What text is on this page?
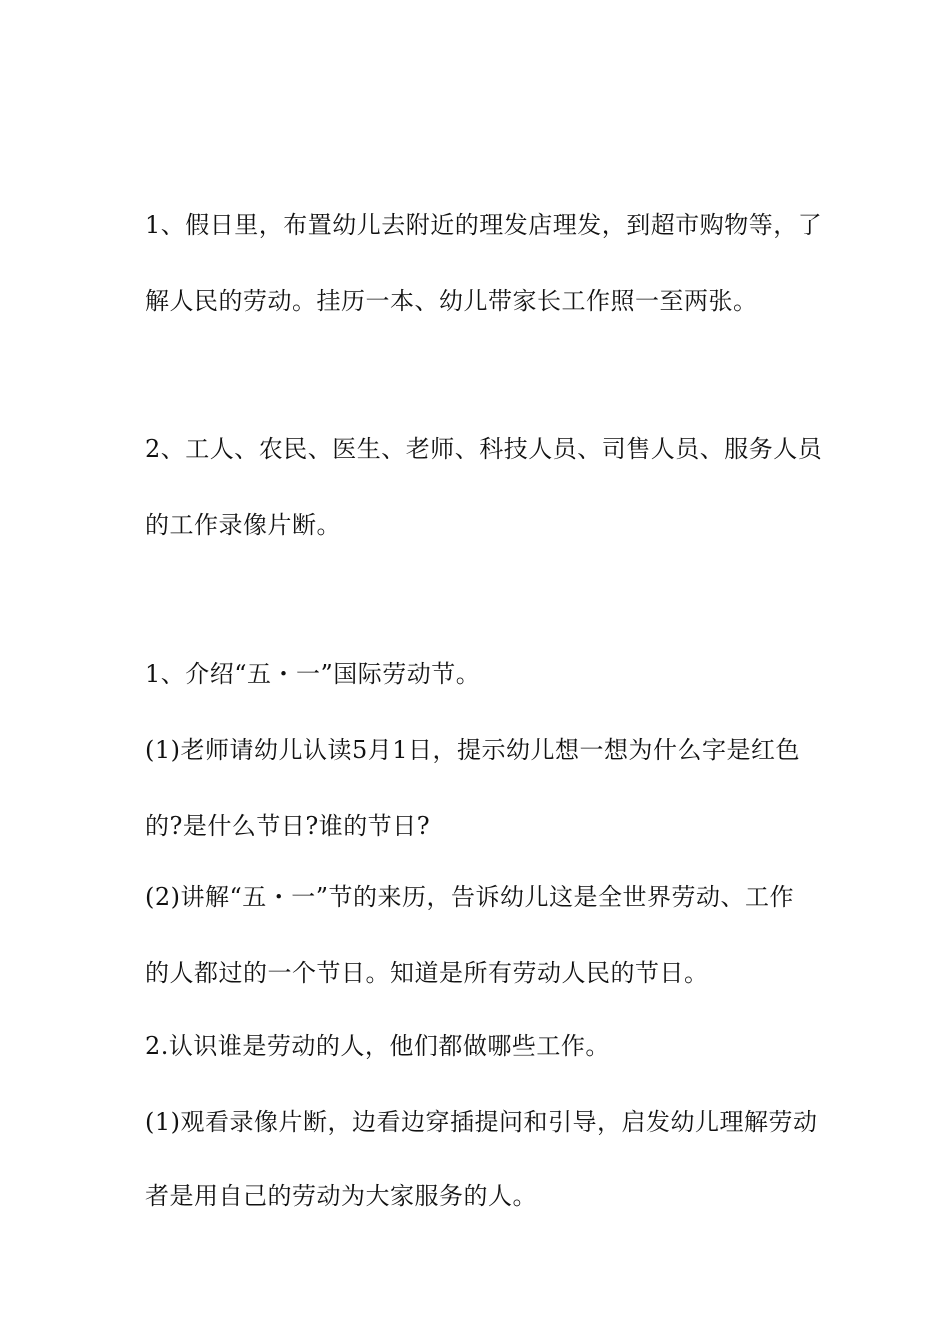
1、假日里，布置幼儿去附近的理发店理发，到超市购物等，了
解人民的劳动。挂历一本、幼儿带家长工作照一至两张。
2、工人、农民、医生、老师、科技人员、司售人员、服务人员
的工作录像片断。
1、介绍“五・一”国际劳动节。
(1)老师请幼儿认读5月1日，提示幼儿想一想为什么字是红色
的?是什么节日?谁的节日?
(2)讲解“五・一”节的来历，告诉幼儿这是全世界劳动、工作
的人都过的一个节日。知道是所有劳动人民的节日。
2.认识谁是劳动的人，他们都做哪些工作。
(1)观看录像片断，边看边穿插提问和引导，启发幼儿理解劳动
者是用自己的劳动为大家服务的人。
